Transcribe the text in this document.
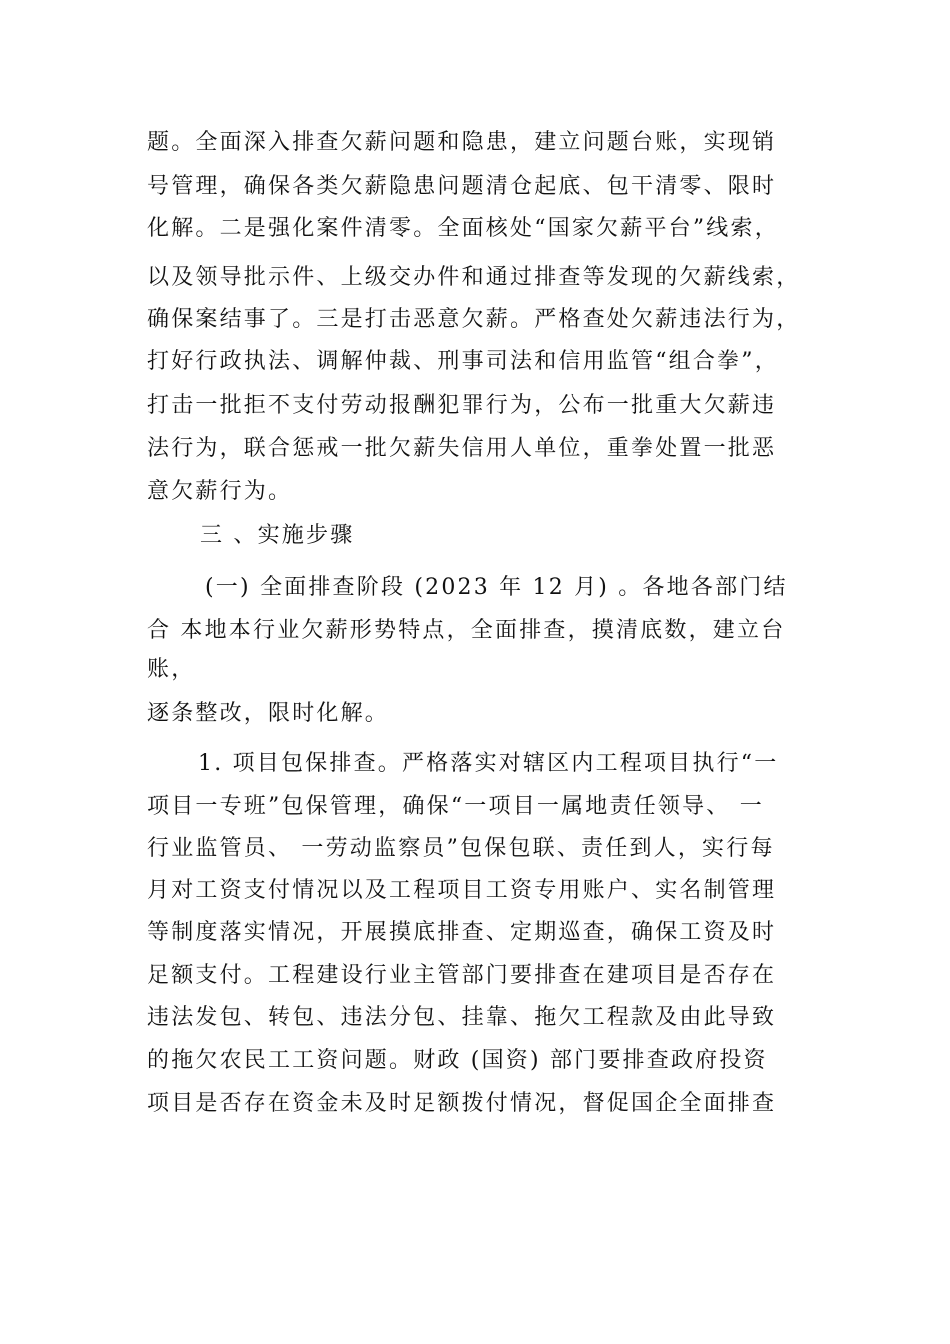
题。全面深入排查欠薪问题和隐患，建立问题台账，实现销
号管理，确保各类欠薪隐患问题清仓起底、包干清零、限时
化解。二是强化案件清零。全面核处“国家欠薪平台”线索，
以及领导批示件、上级交办件和通过排查等发现的欠薪线索，
确保案结事了。三是打击恶意欠薪。严格查处欠薪违法行为，
打好行政执法、调解仲裁、刑事司法和信用监管“组合拳”，
打击一批拒不支付劳动报酬犯罪行为，公布一批重大欠薪违
法行为，联合惩戒一批欠薪失信用人单位，重拳处置一批恶
意欠薪行为。
三 、实施步骤
(一) 全面排查阶段 (2023 年 12 月) 。各地各部门结
合 本地本行业欠薪形势特点，全面排查，摸清底数，建立台
账，
逐条整改，限时化解。
1. 项目包保排查。严格落实对辖区内工程项目执行“一
项目一专班”包保管理，确保“一项目一属地责任领导、 一
行业监管员、 一劳动监察员”包保包联、责任到人，实行每
月对工资支付情况以及工程项目工资专用账户、实名制管理
等制度落实情况，开展摸底排查、定期巡查，确保工资及时
足额支付。工程建设行业主管部门要排查在建项目是否存在
违法发包、转包、违法分包、挂靠、拖欠工程款及由此导致
的拖欠农民工工资问题。财政 (国资) 部门要排查政府投资
项目是否存在资金未及时足额拨付情况，督促国企全面排查
